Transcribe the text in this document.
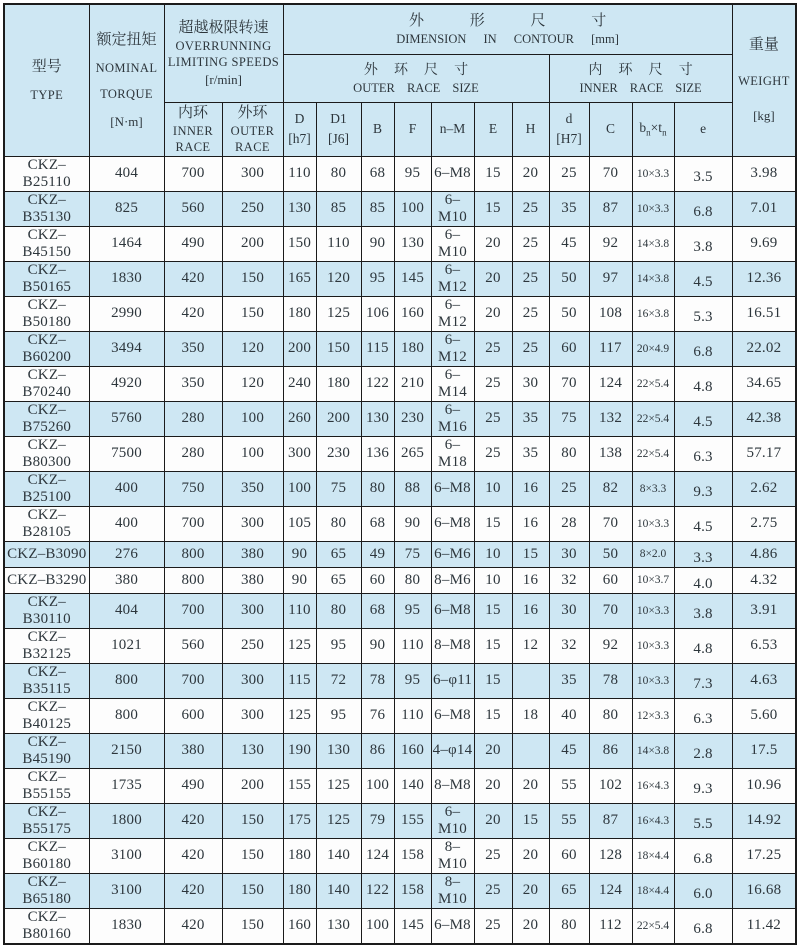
型号
TYPE

额定扭矩
NOMINAL
TORQUE
[N·m]

超越极限转速
OVERRUNNING
LIMITING SPEEDS
[r/min]

外 形 尺 寸
DIMENSION IN CONTOUR [mm]	重量
WEIGHT
[kg]

外 环 尺 寸
OUTER RACE SIZE

内 环 尺 寸
INNER RACE SIZE

内环
INNER
RACE

外环
OUTER
RACE

D
[h7]

D1
[J6]
	B	F	n–M	E	H	
d
[H7]
	C	$b_n\times t_n$	e
CKZ–B25110	404	700	300	110	80	68	95	6–M8	15	20	25	70	10×3.3	3.5	3.98
CKZ–B35130	825	560	250	130	85	85	100	6–M10	15	25	35	87	10×3.3	6.8	7.01
CKZ–B45150	1464	490	200	150	110	90	130	6–M10	20	25	45	92	14×3.8	3.8	9.69
CKZ–B50165	1830	420	150	165	120	95	145	6–M12	20	25	50	97	14×3.8	4.5	12.36
CKZ–B50180	2990	420	150	180	125	106	160	6–M12	20	25	50	108	16×3.8	5.3	16.51
CKZ–B60200	3494	350	120	200	150	115	180	6–M12	25	25	60	117	20×4.9	6.8	22.02
CKZ–B70240	4920	350	120	240	180	122	210	6–M14	25	30	70	124	22×5.4	4.8	34.65
CKZ–B75260	5760	280	100	260	200	130	230	6–M16	25	35	75	132	22×5.4	4.5	42.38
CKZ–B80300	7500	280	100	300	230	136	265	6–M18	25	35	80	138	22×5.4	6.3	57.17
CKZ–B25100	400	750	350	100	75	80	88	6–M8	10	16	25	82	8×3.3	9.3	2.62
CKZ–B28105	400	700	300	105	80	68	90	6–M8	15	16	28	70	10×3.3	4.5	2.75
CKZ–B3090	276	800	380	90	65	49	75	6–M6	10	15	30	50	8×2.0	3.3	4.86
CKZ–B3290	380	800	380	90	65	60	80	8–M6	10	16	32	60	10×3.7	4.0	4.32
CKZ–B30110	404	700	300	110	80	68	95	6–M8	15	16	30	70	10×3.3	3.8	3.91
CKZ–B32125	1021	560	250	125	95	90	110	8–M8	15	12	32	92	10×3.3	4.8	6.53
CKZ–B35115	800	700	300	115	72	78	95	6–φ11	15		35	78	10×3.3	7.3	4.63
CKZ–B40125	800	600	300	125	95	76	110	6–M8	15	18	40	80	12×3.3	6.3	5.60
CKZ–B45190	2150	380	130	190	130	86	160	4–φ14	20		45	86	14×3.8	2.8	17.5
CKZ–B55155	1735	490	200	155	125	100	140	8–M8	20	20	55	102	16×4.3	9.3	10.96
CKZ–B55175	1800	420	150	175	125	79	155	6–M10	20	15	55	87	16×4.3	5.5	14.92
CKZ–B60180	3100	420	150	180	140	124	158	8–M10	25	20	60	128	18×4.4	6.8	17.25
CKZ–B65180	3100	420	150	180	140	122	158	8–M10	25	20	65	124	18×4.4	6.0	16.68
CKZ–B80160	1830	420	150	160	130	100	145	6–M8	25	20	80	112	22×5.4	6.8	11.42
